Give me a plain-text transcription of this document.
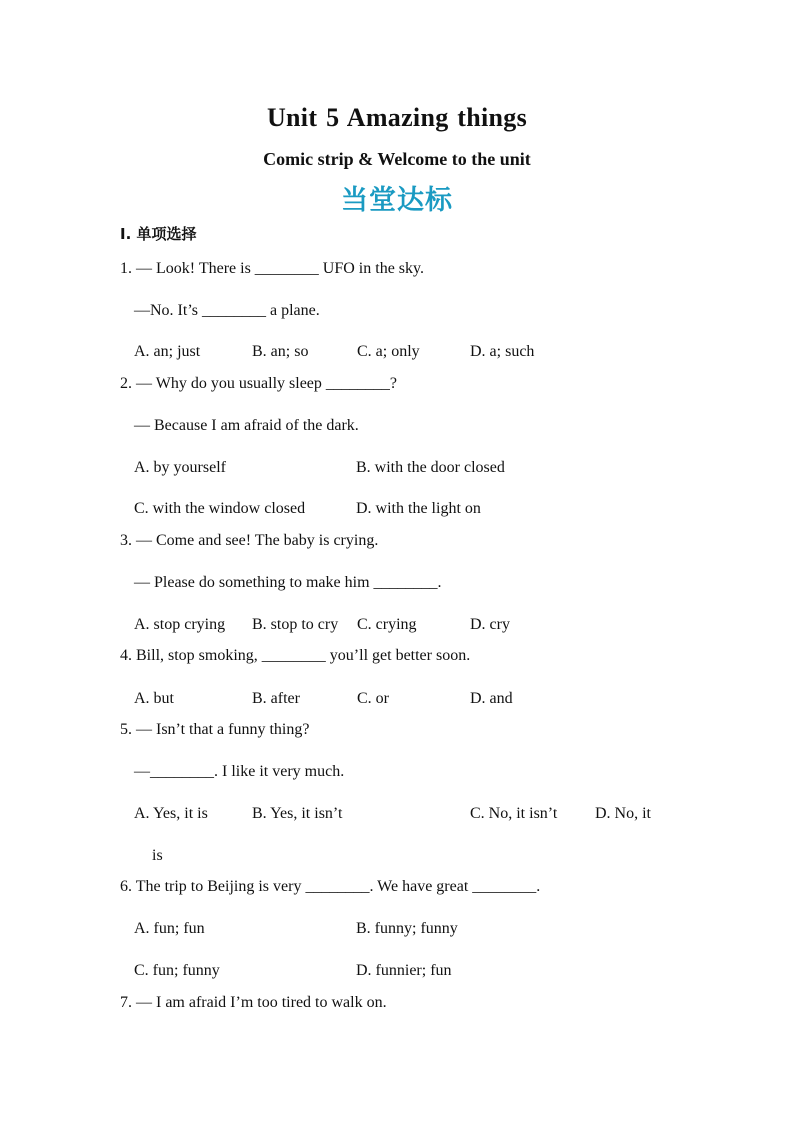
Unit 5 Amazing things
Comic strip & Welcome to the unit
当堂达标
Ⅰ. 单项选择
1. — Look! There is ________ UFO in the sky.
—No. It’s ________ a plane.
A. an; just	B. an; so	C. a; only	D. a; such
2. — Why do you usually sleep ________?
— Because I am afraid of the dark.
A. by yourself	B. with the door closed
C. with the window closed	D. with the light on
3. — Come and see! The baby is crying.
— Please do something to make him ________.
A. stop crying B. stop to cry C. crying	D. cry
4. Bill, stop smoking, ________ you’ll get better soon.
A. but	B. after	C. or	D. and
5. — Isn’t that a funny thing?
—________. I like it very much.
A. Yes, it is	B. Yes, it isn’t	C. No, it isn’t D. No, it
is
6. The trip to Beijing is very ________. We have great ________.
A. fun; fun	B. funny; funny
C. fun; funny	D. funnier; fun
7. — I am afraid I’m too tired to walk on.
